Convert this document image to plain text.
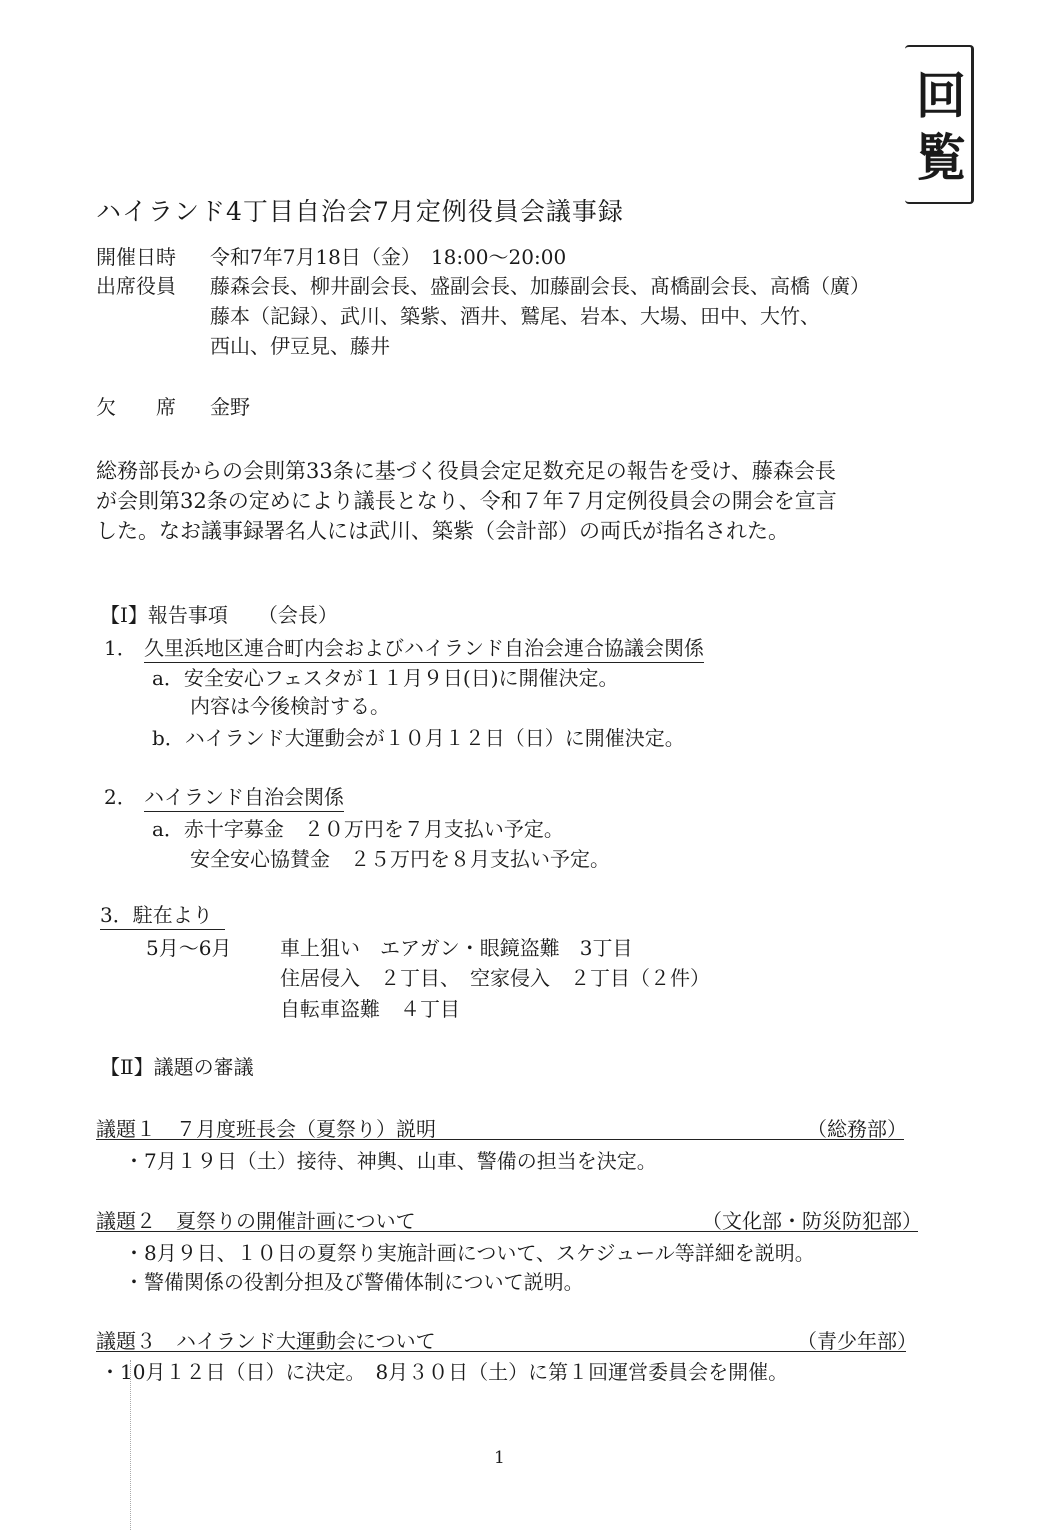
回
覧
ハイランド4丁目自治会7月定例役員会議事録
開催日時 令和7年7月18日（金）　18:00〜20:00
出席役員 藤森会長、柳井副会長、盛副会長、加藤副会長、髙橋副会長、高橋（廣）
藤本（記録）、武川、築紫、酒井、鷲尾、岩本、大場、田中、大竹、
西山、伊豆見、藤井
欠　　席 金野
総務部長からの会則第33条に基づく役員会定足数充足の報告を受け、藤森会長
が会則第32条の定めにより議長となり、令和７年７月定例役員会の開会を宣言
した。なお議事録署名人には武川、築紫（会計部）の両氏が指名された。
【Ⅰ】報告事項　　（会長）
1． 久里浜地区連合町内会およびハイランド自治会連合協議会関係
a．安全安心フェスタが１１月９日(日)に開催決定。
内容は今後検討する。
b．ハイランド大運動会が１０月１２日（日）に開催決定。
2． ハイランド自治会関係
a．赤十字募金　２０万円を７月支払い予定。
安全安心協賛金　２５万円を８月支払い予定。
3．駐在より
5月〜6月 車上狙い　エアガン・眼鏡盗難　3丁目
住居侵入　２丁目、　空家侵入　２丁目（２件）
自転車盗難　４丁目
【Ⅱ】議題の審議
議題１　７月度班長会（夏祭り）説明	（総務部）
・7月１９日（土）接待、神輿、山車、警備の担当を決定。
議題２　夏祭りの開催計画について	（文化部・防災防犯部）
・8月９日、１０日の夏祭り実施計画について、スケジュール等詳細を説明。
・警備関係の役割分担及び警備体制について説明。
議題３　ハイランド大運動会について	（青少年部）
・10月１２日（日）に決定。　8月３０日（土）に第１回運営委員会を開催。
1
